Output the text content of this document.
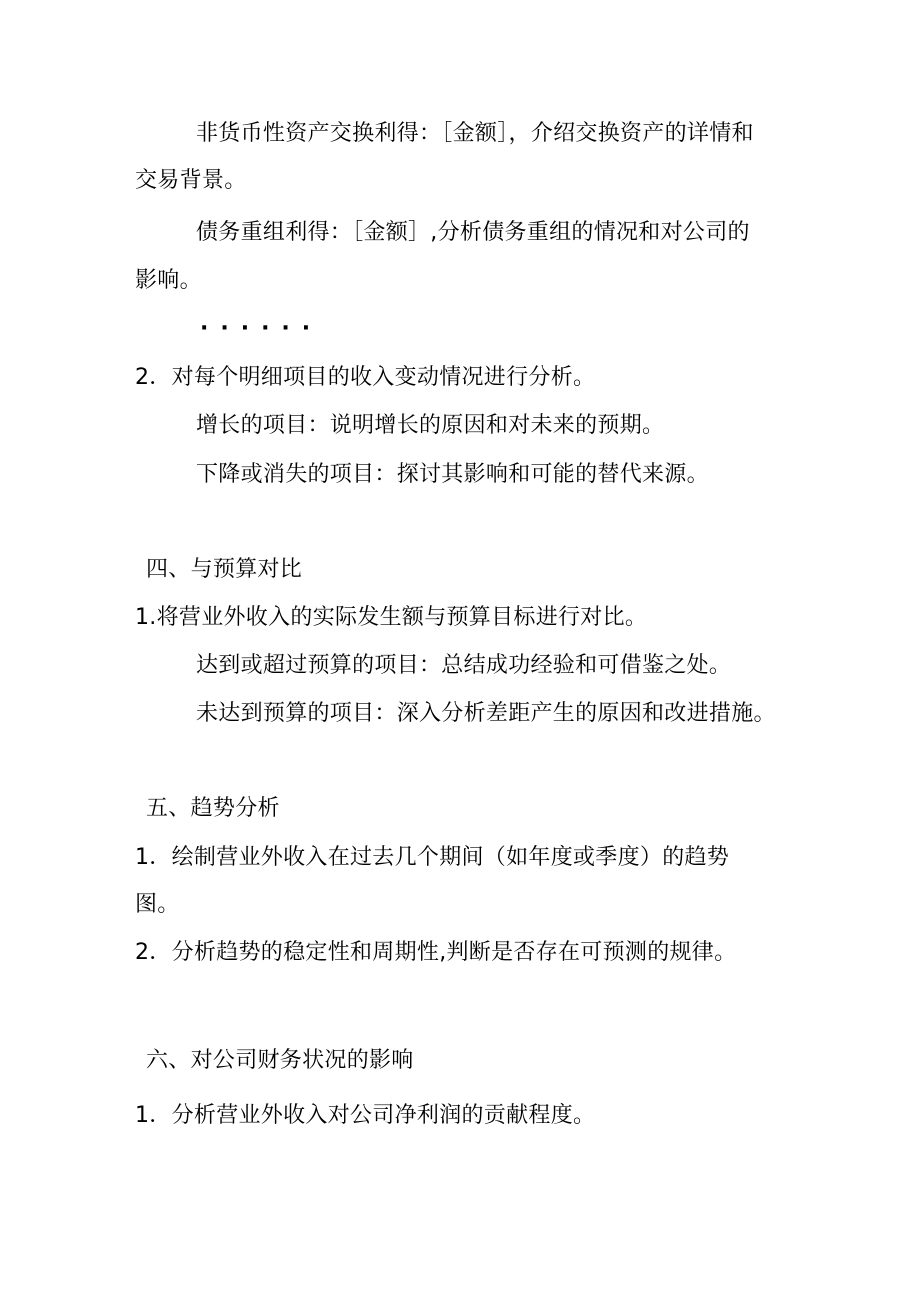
非货币性资产交换利得：［金额］，介绍交换资产的详情和
交易背景。
债务重组利得：［金额］,分析债务重组的情况和对公司的
影响。
······
2．对每个明细项目的收入变动情况进行分析。
增长的项目：说明增长的原因和对未来的预期。
下降或消失的项目：探讨其影响和可能的替代来源。
四、与预算对比
1.将营业外收入的实际发生额与预算目标进行对比。
达到或超过预算的项目：总结成功经验和可借鉴之处。
未达到预算的项目：深入分析差距产生的原因和改进措施。
五、趋势分析
1．绘制营业外收入在过去几个期间（如年度或季度）的趋势
图。
2．分析趋势的稳定性和周期性,判断是否存在可预测的规律。
六、对公司财务状况的影响
1．分析营业外收入对公司净利润的贡献程度。
